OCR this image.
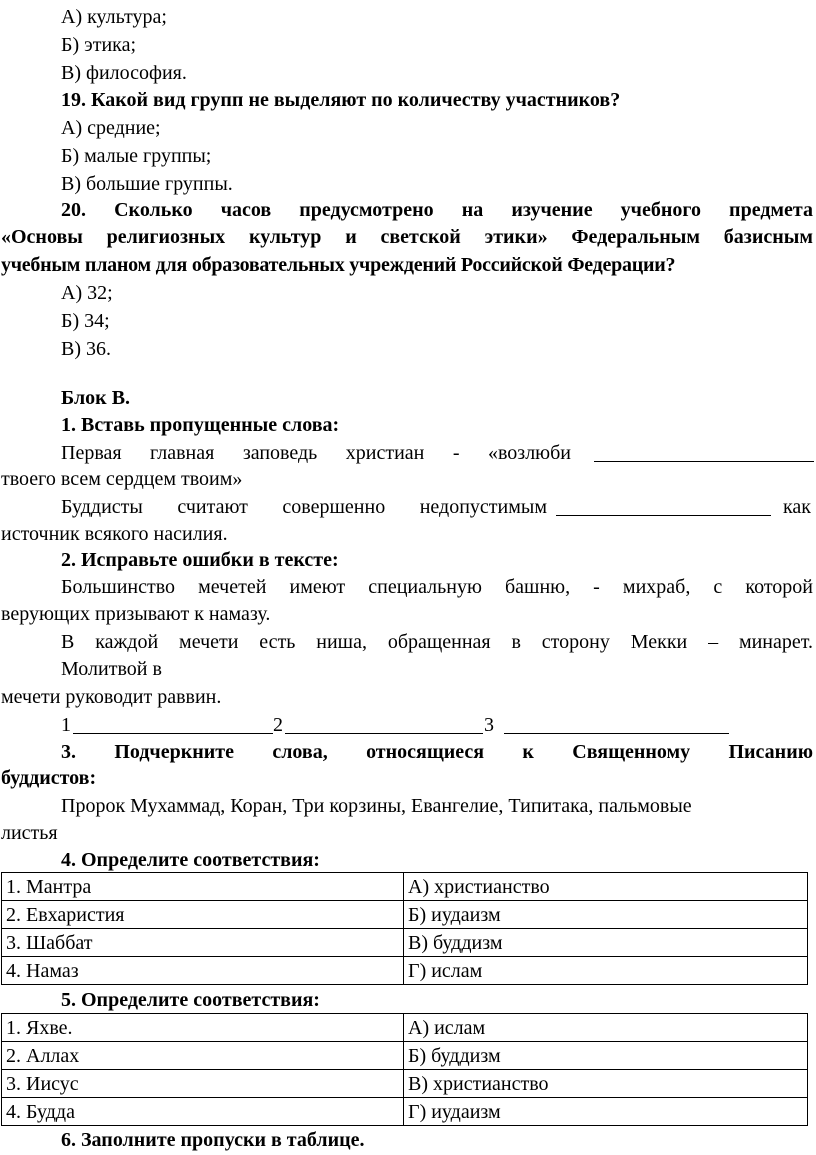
А) культура;
Б) этика;
В) философия.
19. Какой вид групп не выделяют по количеству участников?
А) средние;
Б) малые группы;
В) большие группы.
20. Сколько часов предусмотрено на изучение учебного предмета
«Основы религиозных культур и светской этики» Федеральным базисным
учебным планом для образовательных учреждений Российской Федерации?
А) 32;
Б) 34;
В) 36.
Блок В.
1. Вставь пропущенные слова:
Первая главная заповедь христиан - «возлюби
твоего всем сердцем твоим»
Буддисты считают совершенно недопустимым	как
источник всякого насилия.
2. Исправьте ошибки в тексте:
Большинство мечетей имеют специальную башню, - михраб, с которой
верующих призывают к намазу.
В каждой мечети есть ниша, обращенная в сторону Мекки – минарет.
Молитвой в
мечети руководит раввин.
1	2	3
3. Подчеркните слова, относящиеся к Священному Писанию
буддистов:
Пророк Мухаммад, Коран, Три корзины, Евангелие, Типитака, пальмовые
листья
4. Определите соответствия:
1. Мантра	А) христианство
2. Евхаристия	Б) иудаизм
3. Шаббат	В) буддизм
4. Намаз	Г) ислам
5. Определите соответствия:
1. Яхве.	А) ислам
2. Аллах	Б) буддизм
3. Иисус	В) христианство
4. Будда	Г) иудаизм
6. Заполните пропуски в таблице.
